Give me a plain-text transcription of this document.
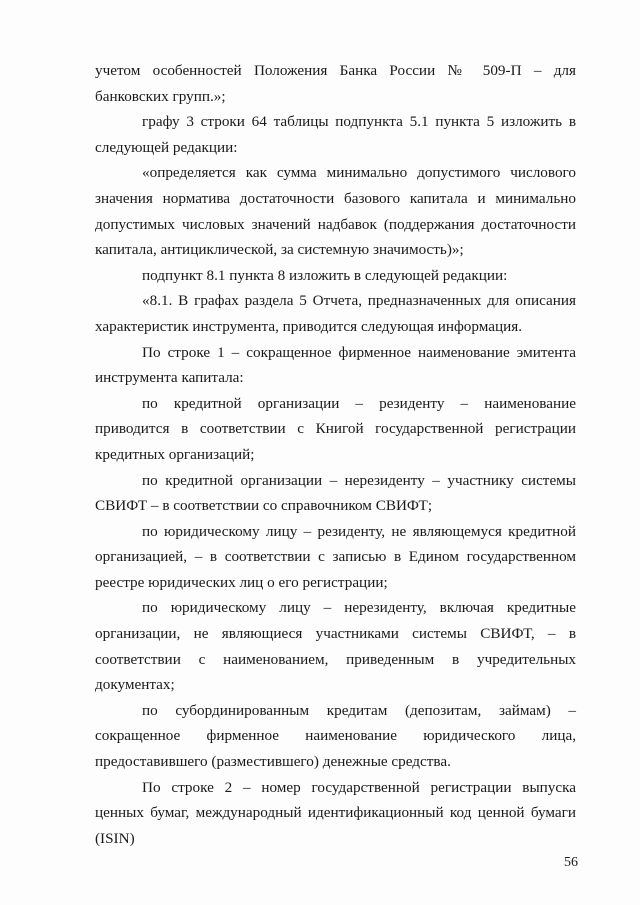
учетом особенностей Положения Банка России № 509-П – для банковских групп.»;

графу 3 строки 64 таблицы подпункта 5.1 пункта 5 изложить в следующей редакции:

«определяется как сумма минимально допустимого числового значения норматива достаточности базового капитала и минимально допустимых числовых значений надбавок (поддержания достаточности капитала, антициклической, за системную значимость)»;

подпункт 8.1 пункта 8 изложить в следующей редакции:

«8.1. В графах раздела 5 Отчета, предназначенных для описания характеристик инструмента, приводится следующая информация.

По строке 1 – сокращенное фирменное наименование эмитента инструмента капитала:

по кредитной организации – резиденту – наименование приводится в соответствии с Книгой государственной регистрации кредитных организаций;

по кредитной организации – нерезиденту – участнику системы СВИФТ – в соответствии со справочником СВИФТ;

по юридическому лицу – резиденту, не являющемуся кредитной организацией, – в соответствии с записью в Едином государственном реестре юридических лиц о его регистрации;

по юридическому лицу – нерезиденту, включая кредитные организации, не являющиеся участниками системы СВИФТ, – в соответствии с наименованием, приведенным в учредительных документах;

по субординированным кредитам (депозитам, займам) – сокращенное фирменное наименование юридического лица, предоставившего (разместившего) денежные средства.

По строке 2 – номер государственной регистрации выпуска ценных бумаг, международный идентификационный код ценной бумаги (ISIN)

56
